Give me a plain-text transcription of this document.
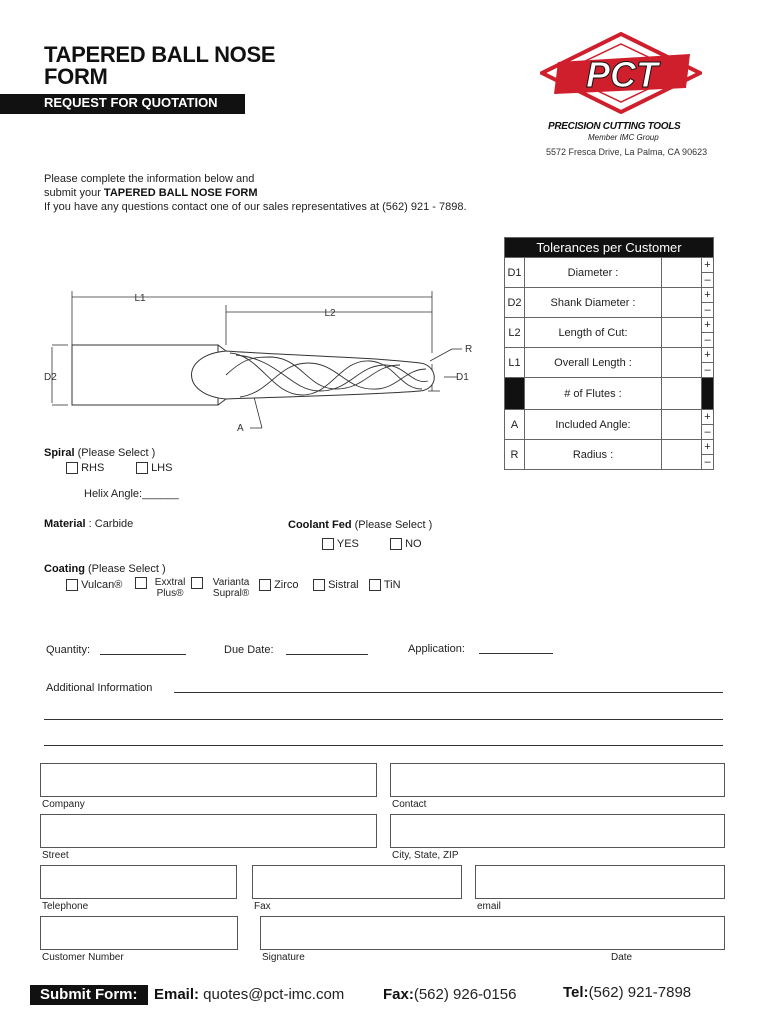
TAPERED BALL NOSE
FORM
REQUEST FOR QUOTATION
PCT
PRECISION CUTTING TOOLS
Member IMC Group
5572 Fresca Drive, La Palma, CA 90623
Please complete the information below and
submit your TAPERED BALL NOSE FORM
If you have any questions contact one of our sales representatives at (562) 921 - 7898.
L1
L2
R
D1
D2
A
Tolerances per Customer			
D1	Diameter :		+
			–
D2	Shank Diameter :		+
			–
L2	Length of Cut:		+
			–
L1	Overall Length :		+
			–
	# of Flutes :		
A	Included Angle:		+
			–
R	Radius :		+
			–
Spiral (Please Select )
RHS	LHS
Helix Angle:______
Material : Carbide	Coolant Fed (Please Select )
YES	NO
Coating (Please Select )
Vulcan®	Exxtral Plus®
Varianta Supral®
Zirco	Sistral	TiN
Quantity:	Due Date:	Application:
Additional Information
Company	Contact
Street	City, State, ZIP
Telephone	Fax	email
Customer Number	Signature	Date
Submit Form: Email: quotes@pct-imc.com	Fax:(562) 926-0156	Tel:(562) 921-7898
